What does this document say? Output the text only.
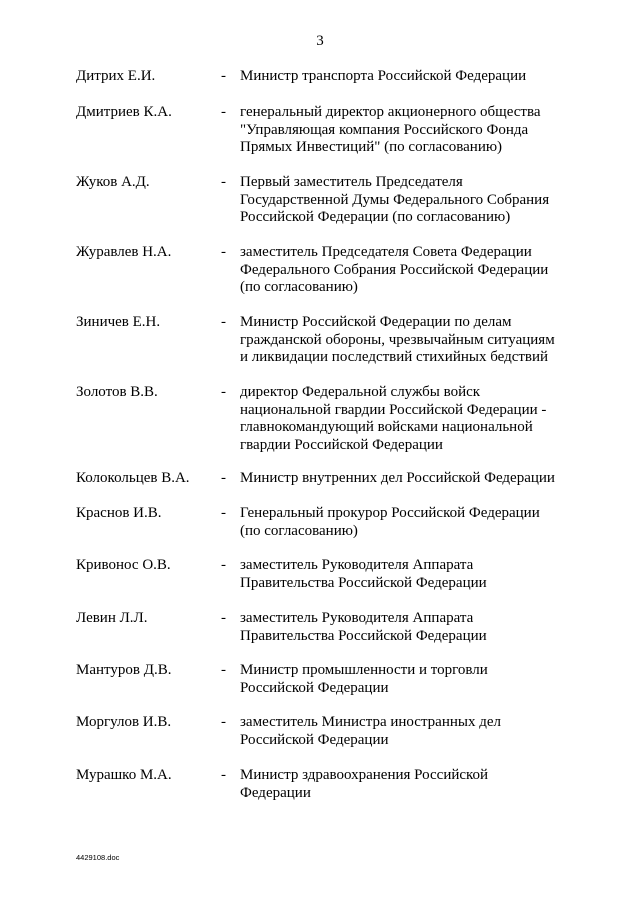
3
Дитрих Е.И.	- Министр транспорта Российской Федерации
Дмитриев К.А.	- генеральный директор акционерного общества
"Управляющая компания Российского Фонда
Прямых Инвестиций" (по согласованию)
Жуков А.Д.	- Первый заместитель Председателя
Государственной Думы Федерального Собрания
Российской Федерации (по согласованию)
Журавлев Н.А.	- заместитель Председателя Совета Федерации
Федерального Собрания Российской Федерации
(по согласованию)
Зиничев Е.Н.	- Министр Российской Федерации по делам
гражданской обороны, чрезвычайным ситуациям
и ликвидации последствий стихийных бедствий
Золотов В.В.	- директор Федеральной службы войск
национальной гвардии Российской Федерации -
главнокомандующий войсками национальной
гвардии Российской Федерации
Колокольцев В.А. - Министр внутренних дел Российской Федерации
Краснов И.В.	- Генеральный прокурор Российской Федерации
(по согласованию)
Кривонос О.В.	- заместитель Руководителя Аппарата
Правительства Российской Федерации
Левин Л.Л.	- заместитель Руководителя Аппарата
Правительства Российской Федерации
Мантуров Д.В.	- Министр промышленности и торговли
Российской Федерации
Моргулов И.В.	- заместитель Министра иностранных дел
Российской Федерации
Мурашко М.А.	- Министр здравоохранения Российской
Федерации
4429108.doc
